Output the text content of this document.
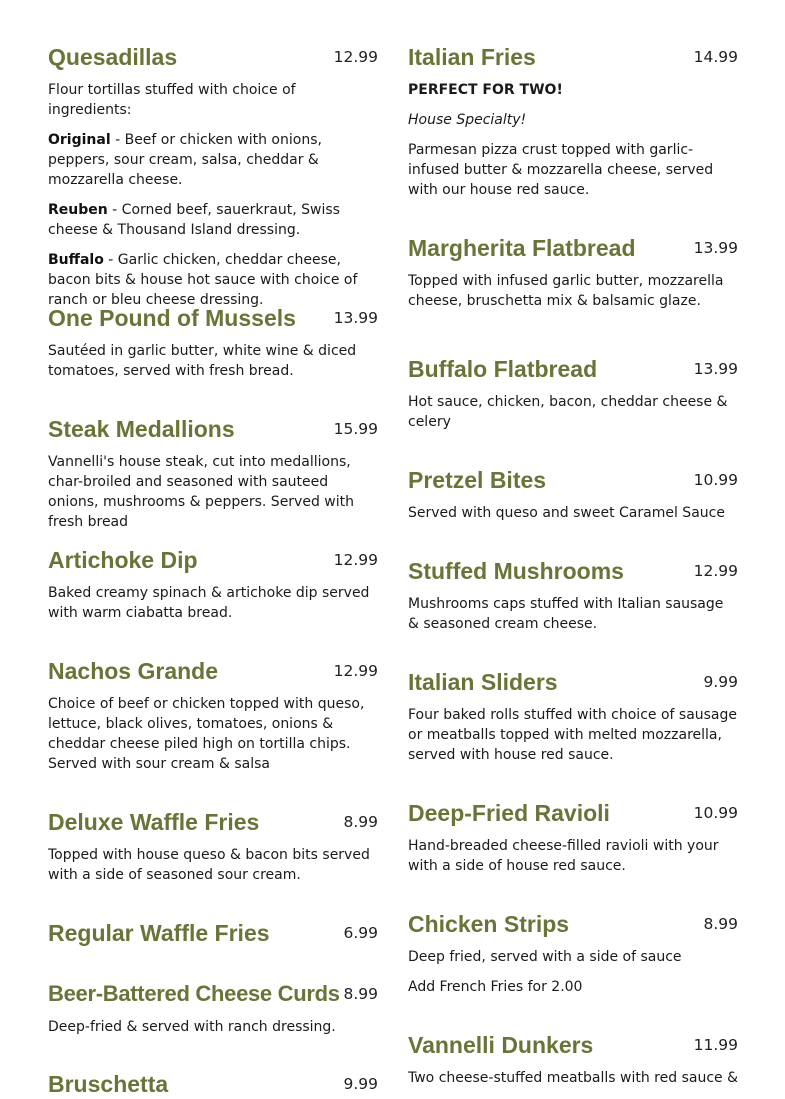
Quesadillas	12.99

Flour tortillas stuffed with choice of ingredients:

Original - Beef or chicken with onions, peppers, sour cream, salsa, cheddar & mozzarella cheese.

Reuben - Corned beef, sauerkraut, Swiss cheese & Thousand Island dressing.

Buffalo - Garlic chicken, cheddar cheese, bacon bits & house hot sauce with choice of ranch or bleu cheese dressing.

One Pound of Mussels 13.99

Sautéed in garlic butter, white wine & diced tomatoes, served with fresh bread.

Steak Medallions	15.99

Vannelli's house steak, cut into medallions, char-broiled and seasoned with sauteed onions, mushrooms & peppers. Served with fresh bread

Artichoke Dip	12.99

Baked creamy spinach & artichoke dip served with warm ciabatta bread.

Nachos Grande	12.99

Choice of beef or chicken topped with queso, lettuce, black olives, tomatoes, onions & cheddar cheese piled high on tortilla chips. Served with sour cream & salsa

Deluxe Waffle Fries	8.99

Topped with house queso & bacon bits served with a side of seasoned sour cream.

Regular Waffle Fries	6.99
Beer-Battered Cheese Curds 8.99

Deep-fried & served with ranch dressing.

Bruschetta	9.99
Italian Fries	14.99

PERFECT FOR TWO!

House Specialty!

Parmesan pizza crust topped with garlic-infused butter & mozzarella cheese, served with our house red sauce.

Margherita Flatbread	13.99

Topped with infused garlic butter, mozzarella cheese, bruschetta mix & balsamic glaze.

Buffalo Flatbread	13.99

Hot sauce, chicken, bacon, cheddar cheese & celery

Pretzel Bites	10.99

Served with queso and sweet Caramel Sauce

Stuffed Mushrooms	12.99

Mushrooms caps stuffed with Italian sausage & seasoned cream cheese.

Italian Sliders	9.99

Four baked rolls stuffed with choice of sausage or meatballs topped with melted mozzarella, served with house red sauce.

Deep-Fried Ravioli	10.99

Hand-breaded cheese-filled ravioli with your with a side of house red sauce.

Chicken Strips	8.99

Deep fried, served with a side of sauce

Add French Fries for 2.00

Vannelli Dunkers	11.99

Two cheese-stuffed meatballs with red sauce &
